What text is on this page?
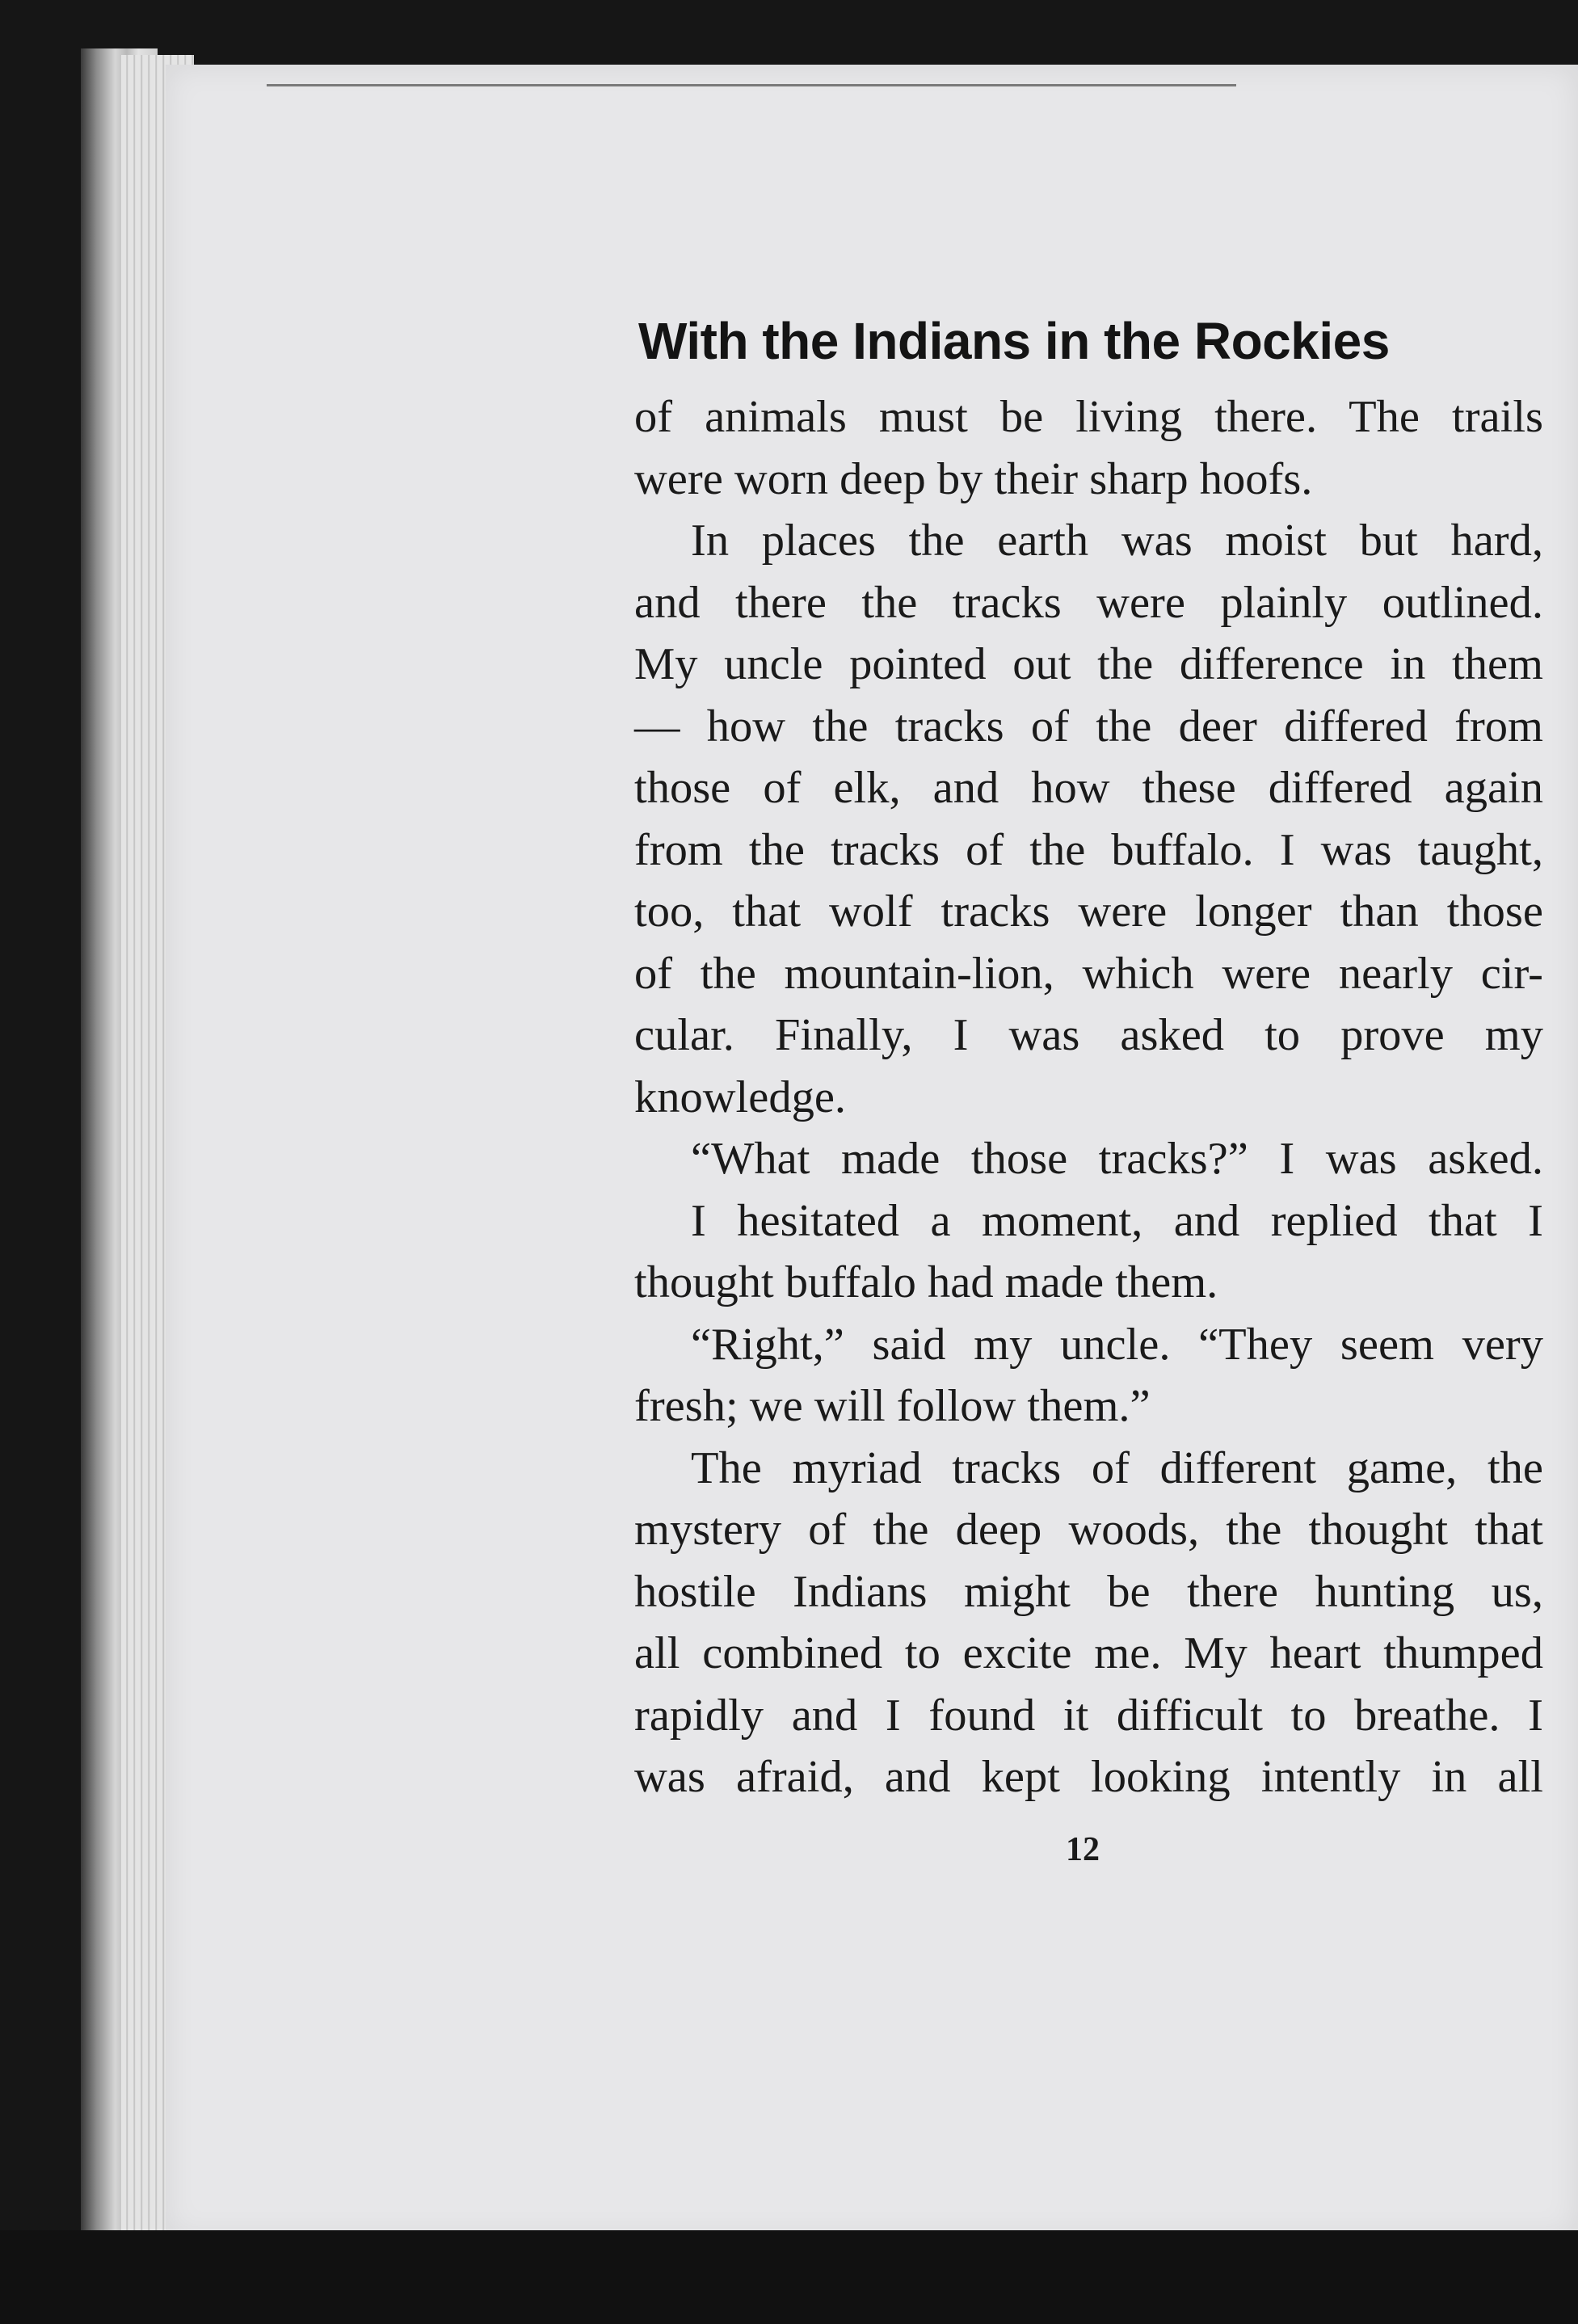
With the Indians in the Rockies
of animals must be living there. The trails
were worn deep by their sharp hoofs.
In places the earth was moist but hard,
and there the tracks were plainly outlined.
My uncle pointed out the difference in them
— how the tracks of the deer differed from
those of elk, and how these differed again
from the tracks of the buffalo. I was taught,
too, that wolf tracks were longer than those
of the mountain-lion, which were nearly cir-
cular. Finally, I was asked to prove my
knowledge.
“What made those tracks?” I was asked.
I hesitated a moment, and replied that I
thought buffalo had made them.
“Right,” said my uncle. “They seem very
fresh; we will follow them.”
The myriad tracks of different game, the
mystery of the deep woods, the thought that
hostile Indians might be there hunting us,
all combined to excite me. My heart thumped
rapidly and I found it difficult to breathe. I
was afraid, and kept looking intently in all
12
